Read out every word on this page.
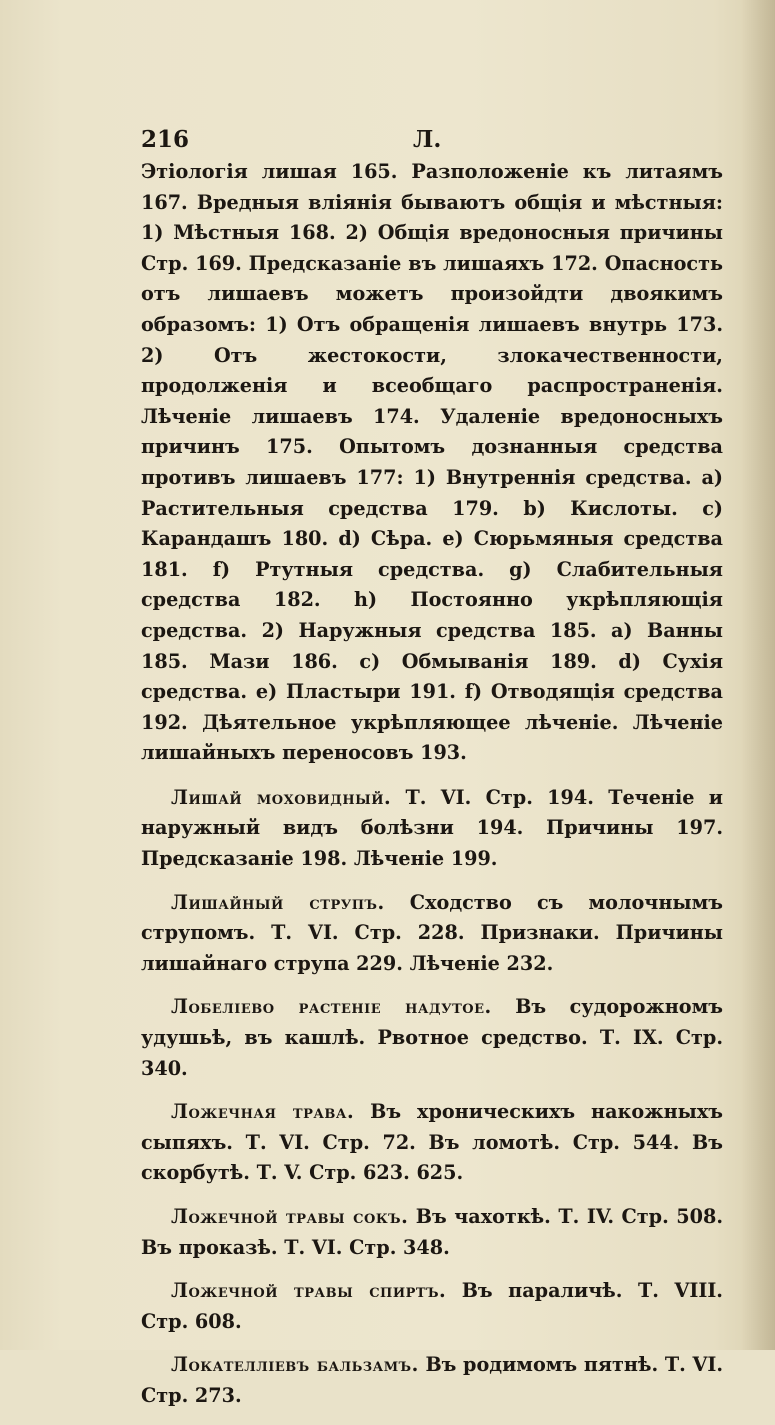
216	Л.

Этіологія лишая 165. Разположеніе къ литаямъ 167. Вредныя вліянія бываютъ общія и мѣстныя: 1) Мѣстныя 168. 2) Общія вредоносныя причины Стр. 169. Предсказаніе въ лишаяхъ 172. Опасность отъ лишаевъ можетъ произойдти двоякимъ образомъ: 1) Отъ обращенія лишаевъ внутрь 173. 2) Отъ жестокости, злокачественности, продолженія и всеобщаго распространенія. Лѣченіе лишаевъ 174. Удаленіе вредоносныхъ причинъ 175. Опытомъ дознанныя средства противъ лишаевъ 177: 1) Внутреннія средства. а) Растительныя средства 179. b) Кислоты. c) Карандашъ 180. d) Сѣра. e) Сюрьмяныя средства 181. f) Ртутныя средства. g) Слабительныя средства 182. h) Постоянно укрѣпляющія средства. 2) Наружныя средства 185. a) Ванны 185. Мази 186. c) Обмыванія 189. d) Сухія средства. e) Пластыри 191. f) Отводящія средства 192. Дѣятельное укрѣпляющее лѣченіе. Лѣченіе лишайныхъ переносовъ 193.

Лишай моховидный. Т. VI. Стр. 194. Теченіе и наружный видъ болѣзни 194. Причины 197. Предсказаніе 198. Лѣченіе 199.

Лишайный струпъ. Сходство съ молочнымъ струпомъ. Т. VI. Стр. 228. Признаки. Причины лишайнаго струпа 229. Лѣченіе 232.

Лобеліево растеніе надутое. Въ судорожномъ удушьѣ, въ кашлѣ. Рвотное средство. Т. IX. Стр. 340.

Ложечная трава. Въ хроническихъ накожныхъ сыпяхъ. Т. VI. Стр. 72. Въ ломотѣ. Стр. 544. Въ скорбутѣ. Т. V. Стр. 623. 625.

Ложечной травы сокъ. Въ чахоткѣ. Т. IV. Стр. 508. Въ проказѣ. Т. VI. Стр. 348.

Ложечной травы спиртъ. Въ параличѣ. Т. VIII. Стр. 608.

Локателліевъ бальзамъ. Въ родимомъ пятнѣ. Т. VI. Стр. 273.
